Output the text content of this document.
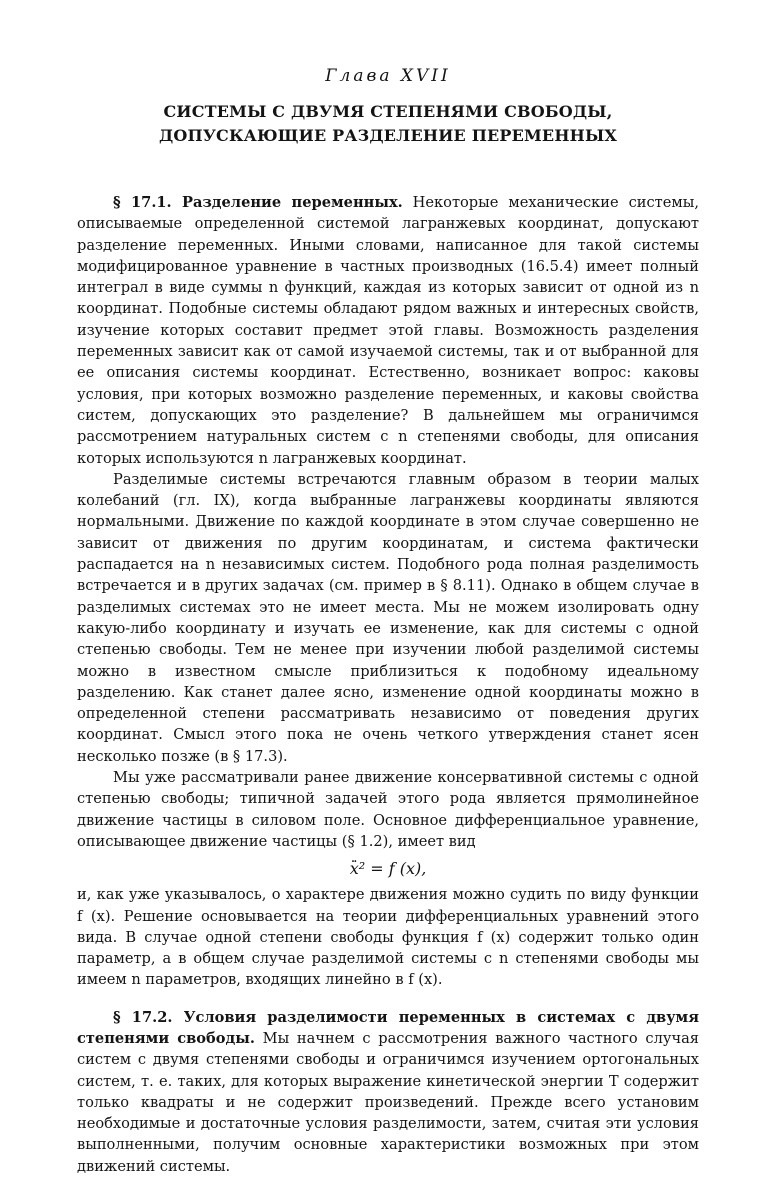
Глава XVII
СИСТЕМЫ С ДВУМЯ СТЕПЕНЯМИ СВОБОДЫ,
ДОПУСКАЮЩИЕ РАЗДЕЛЕНИЕ ПЕРЕМЕННЫХ

§ 17.1. Разделение переменных. Некоторые механические системы, описываемые определенной системой лагранжевых координат, допускают разделение переменных. Иными словами, написанное для такой системы модифицированное уравнение в частных производных (16.5.4) имеет полный интеграл в виде суммы n функций, каждая из которых зависит от одной из n координат. Подобные системы обладают рядом важных и интересных свойств, изучение которых составит предмет этой главы. Возможность разделения переменных зависит как от самой изучаемой системы, так и от выбранной для ее описания системы координат. Естественно, возникает вопрос: каковы условия, при которых возможно разделение переменных, и каковы свойства систем, допускающих это разделение? В дальнейшем мы ограничимся рассмотрением натуральных систем с n степенями свободы, для описания которых используются n лагранжевых координат.

Разделимые системы встречаются главным образом в теории малых колебаний (гл. IX), когда выбранные лагранжевы координаты являются нормальными. Движение по каждой координате в этом случае совершенно не зависит от движения по другим координатам, и система фактически распадается на n независимых систем. Подобного рода полная разделимость встречается и в других задачах (см. пример в § 8.11). Однако в общем случае в разделимых системах это не имеет места. Мы не можем изолировать одну какую-либо координату и изучать ее изменение, как для системы с одной степенью свободы. Тем не менее при изучении любой разделимой системы можно в известном смысле приблизиться к подобному идеальному разделению. Как станет далее ясно, изменение одной координаты можно в определенной степени рассматривать независимо от поведения других координат. Смысл этого пока не очень четкого утверждения станет ясен несколько позже (в § 17.3).

Мы уже рассматривали ранее движение консервативной системы с одной степенью свободы; типичной задачей этого рода является прямолинейное движение частицы в силовом поле. Основное дифференциальное уравнение, описывающее движение частицы (§ 1.2), имеет вид

·· x² = f (x),

и, как уже указывалось, о характере движения можно судить по виду функции f (x). Решение основывается на теории дифференциальных уравнений этого вида. В случае одной степени свободы функция f (x) содержит только один параметр, а в общем случае разделимой системы с n степенями свободы мы имеем n параметров, входящих линейно в f (x).

§ 17.2. Условия разделимости переменных в системах с двумя степенями свободы. Мы начнем с рассмотрения важного частного случая систем с двумя степенями свободы и ограничимся изучением ортогональных систем, т. е. таких, для которых выражение кинетической энергии T содержит только квадраты и не содержит произведений. Прежде всего установим необходимые и достаточные условия разделимости, затем, считая эти условия выполненными, получим основные характеристики возможных при этом движений системы.
